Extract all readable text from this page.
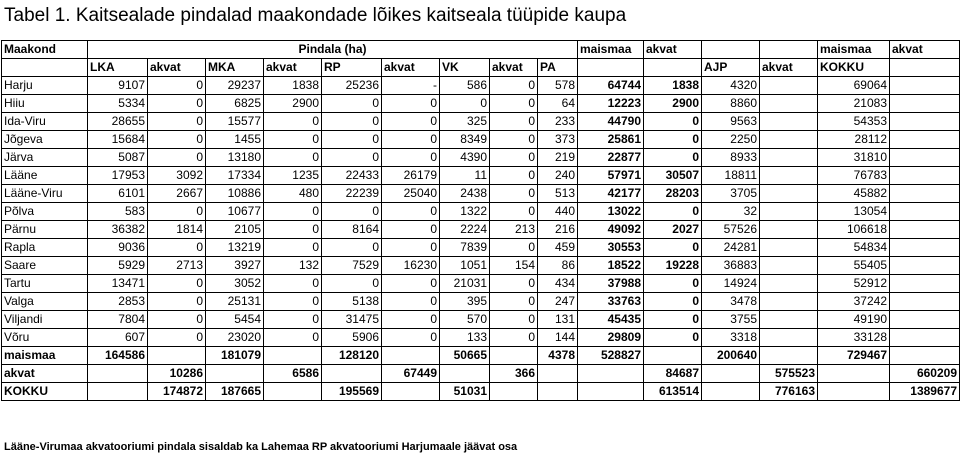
Tabel 1. Kaitsealade pindalad maakondade lõikes kaitseala tüüpide kaupa
Maakond	Pindala (ha)									maismaa	akvat			maismaa	akvat
	LKA	akvat	MKA	akvat	RP	akvat	VK	akvat	PA			AJP	akvat	KOKKU	
Harju	9107	0	29237	1838	25236	-	586	0	578	64744	1838	4320		69064	
Hiiu	5334	0	6825	2900	0	0	0	0	64	12223	2900	8860		21083	
Ida-Viru	28655	0	15577	0	0	0	325	0	233	44790	0	9563		54353	
Jõgeva	15684	0	1455	0	0	0	8349	0	373	25861	0	2250		28112	
Järva	5087	0	13180	0	0	0	4390	0	219	22877	0	8933		31810	
Lääne	17953	3092	17334	1235	22433	26179	11	0	240	57971	30507	18811		76783	
Lääne-Viru	6101	2667	10886	480	22239	25040	2438	0	513	42177	28203	3705		45882	
Põlva	583	0	10677	0	0	0	1322	0	440	13022	0	32		13054	
Pärnu	36382	1814	2105	0	8164	0	2224	213	216	49092	2027	57526		106618	
Rapla	9036	0	13219	0	0	0	7839	0	459	30553	0	24281		54834	
Saare	5929	2713	3927	132	7529	16230	1051	154	86	18522	19228	36883		55405	
Tartu	13471	0	3052	0	0	0	21031	0	434	37988	0	14924		52912	
Valga	2853	0	25131	0	5138	0	395	0	247	33763	0	3478		37242	
Viljandi	7804	0	5454	0	31475	0	570	0	131	45435	0	3755		49190	
Võru	607	0	23020	0	5906	0	133	0	144	29809	0	3318		33128	
maismaa	164586		181079		128120		50665		4378	528827		200640		729467	
akvat		10286		6586		67449		366			84687		575523		660209
KOKKU		174872	187665		195569		51031				613514		776163		1389677
Lääne-Virumaa akvatooriumi pindala sisaldab ka Lahemaa RP akvatooriumi Harjumaale jäävat osa
